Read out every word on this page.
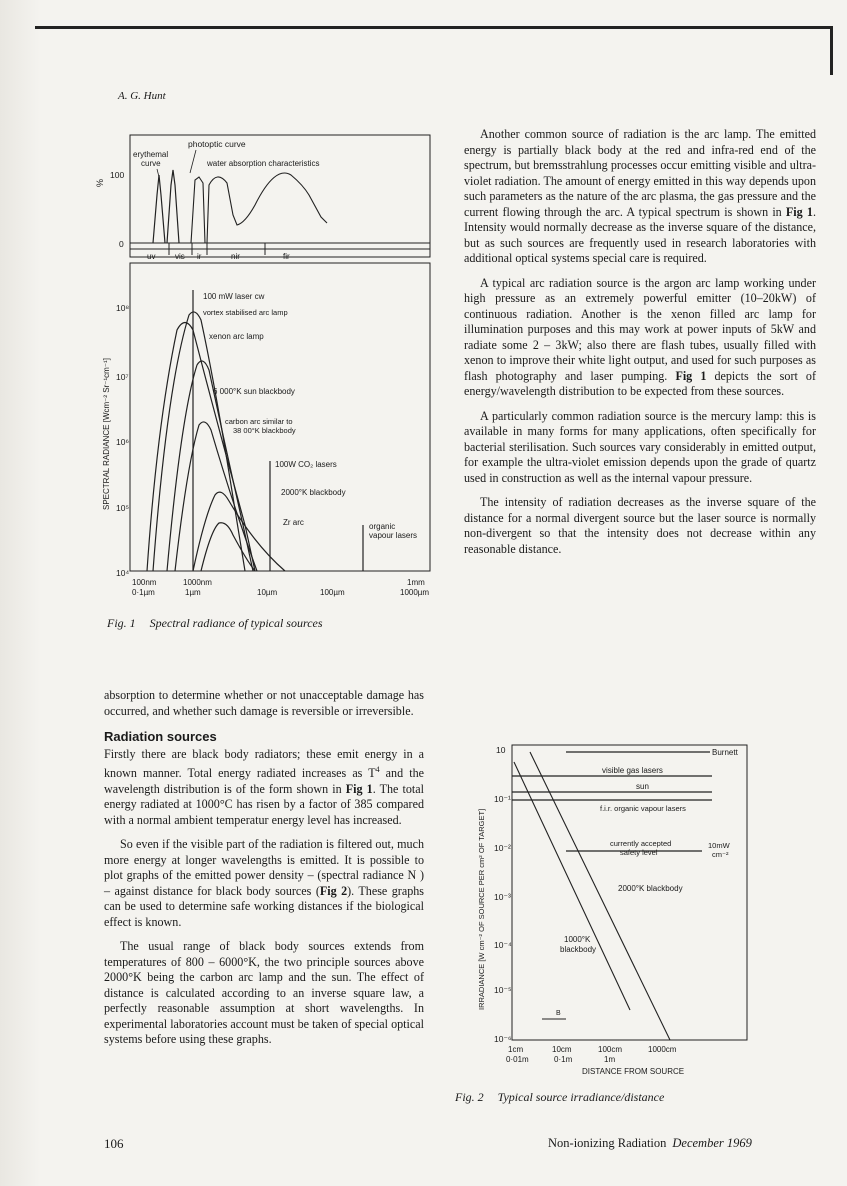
A. G. Hunt
photoptic curve
erythemal
curve	water absorption characteristics
%
100
0
uv vis ir	nir	fir
SPECTRAL RADIANCE [Wcm⁻² Sr⁻¹cm⁻¹]
10⁸
10⁷
10⁶
10⁵
10⁴
100nm	1000nm	1mm
0·1µm	1µm	10µm	100µm	1000µm
100 mW laser cw
vortex stabilised arc lamp
xenon arc lamp
6 000°K sun blackbody
carbon arc similar to
38 00°K blackbody
100W CO₂ lasers
2000°K blackbody
Zr arc	organic
vapour lasers
Fig. 1 Spectral radiance of typical sources

absorption to determine whether or not unacceptable damage has occurred, and whether such damage is reversible or irreversible.

Radiation sources

Firstly there are black body radiators; these emit energy in a known manner. Total energy radiated increases as $T^4$ and the wavelength distribution is of the form shown in Fig 1. The total energy radiated at 1000°C has risen by a factor of 385 compared with a normal ambient temperatur energy level has increased.

So even if the visible part of the radiation is filtered out, much more energy at longer wavelengths is emitted. It is possible to plot graphs of the emitted power density – (spectral radiance N ) – against distance for black body sources (Fig 2). These graphs can be used to determine safe working distances if the biological effect is known.

The usual range of black body sources extends from temperatures of 800 – 6000°K, the two principle sources above 2000°K being the carbon arc lamp and the sun. The effect of distance is calculated according to an inverse square law, a perfectly reasonable assumption at short wavelengths. In experimental laboratories account must be taken of special optical systems before using these graphs.

Another common source of radiation is the arc lamp. The emitted energy is partially black body at the red and infra-red end of the spectrum, but bremsstrahlung processes occur emitting visible and ultra-violet radiation. The amount of energy emitted in this way depends upon such parameters as the nature of the arc plasma, the gas pressure and the current flowing through the arc. A typical spectrum is shown in Fig 1. Intensity would normally decrease as the inverse square of the distance, but as such sources are frequently used in research laboratories with additional optical systems special care is required.

A typical arc radiation source is the argon arc lamp working under high pressure as an extremely powerful emitter (10–20kW) of continuous radiation. Another is the xenon filled arc lamp for illumination purposes and this may work at power inputs of 5kW and radiate some 2 – 3kW; also there are flash tubes, usually filled with xenon to improve their white light output, and used for such purposes as flash photography and laser pumping. Fig 1 depicts the sort of energy/wavelength distribution to be expected from these sources.

A particularly common radiation source is the mercury lamp: this is available in many forms for many applications, often specifically for bacterial sterilisation. Such sources vary considerably in emitted output, for example the ultra-violet emission depends upon the grade of quartz used in construction as well as the internal vapour pressure.

The intensity of radiation decreases as the inverse square of the distance for a normal divergent source but the laser source is normally non-divergent so that the intensity does not decrease within any reasonable distance.

IRRADIANCE [W cm⁻² OF SOURCE PER cm² OF TARGET]
10
10⁻¹
10⁻²
10⁻³
10⁻⁴
10⁻⁵
10⁻⁶
1cm	10cm	100cm	1000cm
0·01m	0·1m	1m
DISTANCE FROM SOURCE
Burnett
visible gas lasers
sun
f.i.r. organic vapour lasers
currently accepted
safety level
10mW
cm⁻²
2000°K blackbody
1000°K
blackbody
B
Fig. 2 Typical source irradiance/distance
106	Non-ionizing Radiation December 1969
